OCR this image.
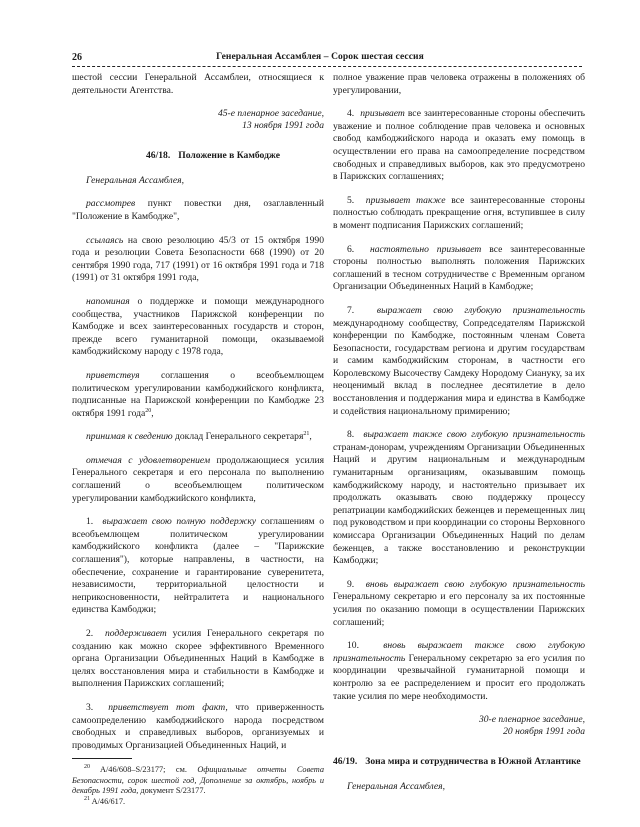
26	Генеральная Ассамблея – Сорок шестая сессия

шестой сессии Генеральной Ассамблеи, относящиеся к деятельности Агентства.

45-е пленарное заседание,
13 ноября 1991 года

46/18. Положение в Камбодже

Генеральная Ассамблея,

рассмотрев пункт повестки дня, озаглавленный "Положение в Камбодже",

ссылаясь на свою резолюцию 45/3 от 15 октября 1990 года и резолюции Совета Безопасности 668 (1990) от 20 сентября 1990 года, 717 (1991) от 16 октября 1991 года и 718 (1991) от 31 октября 1991 года,

напоминая о поддержке и помощи международного сообщества, участников Парижской конференции по Камбодже и всех заинтересованных государств и сторон, прежде всего гуманитарной помощи, оказываемой камбоджийскому народу с 1978 года,

приветствуя соглашения о всеобъемлющем политическом урегулировании камбоджийского конфликта, подписанные на Парижской конференции по Камбодже 23 октября 1991 года$^{20}$,

принимая к сведению доклад Генерального секретаря$^{21}$,

отмечая с удовлетворением продолжающиеся усилия Генерального секретаря и его персонала по выполнению соглашений о всеобъемлющем политическом урегулировании камбоджийского конфликта,

1. выражает свою полную поддержку соглашениям о всеобъемлющем политическом урегулировании камбоджийского конфликта (далее – "Парижские соглашения"), которые направлены, в частности, на обеспечение, сохранение и гарантирование суверенитета, независимости, территориальной целостности и неприкосновенности, нейтралитета и национального единства Камбоджи;

2. поддерживает усилия Генерального секретаря по созданию как можно скорее эффективного Временного органа Организации Объединенных Наций в Камбодже в целях восстановления мира и стабильности в Камбодже и выполнения Парижских соглашений;

3. приветствует тот факт, что приверженность самоопределению камбоджийского народа посредством свободных и справедливых выборов, организуемых и проводимых Организацией Объединенных Наций, и

$^{20}$ A/46/608–S/23177; см. Официальные отчеты Совета Безопасности, сорок шестой год, Дополнение за октябрь, ноябрь и декабрь 1991 года, документ S/23177.

$^{21}$ A/46/617.

полное уважение прав человека отражены в положениях об урегулировании,

4. призывает все заинтересованные стороны обеспечить уважение и полное соблюдение прав человека и основных свобод камбоджийского народа и оказать ему помощь в осуществлении его права на самоопределение посредством свободных и справедливых выборов, как это предусмотрено в Парижских соглашениях;

5. призывает также все заинтересованные стороны полностью соблюдать прекращение огня, вступившее в силу в момент подписания Парижских соглашений;

6. настоятельно призывает все заинтересованные стороны полностью выполнять положения Парижских соглашений в тесном сотрудничестве с Временным органом Организации Объединенных Наций в Камбодже;

7. выражает свою глубокую признательность международному сообществу, Сопредседателям Парижской конференции по Камбодже, постоянным членам Совета Безопасности, государствам региона и другим государствам и самим камбоджийским сторонам, в частности его Королевскому Высочеству Самдеку Нородому Сиануку, за их неоценимый вклад в последнее десятилетие в дело восстановления и поддержания мира и единства в Камбодже и содействия национальному примирению;

8. выражает также свою глубокую признательность странам-донорам, учреждениям Организации Объединенных Наций и другим национальным и международным гуманитарным организациям, оказывавшим помощь камбоджийскому народу, и настоятельно призывает их продолжать оказывать свою поддержку процессу репатриации камбоджийских беженцев и перемещенных лиц под руководством и при координации со стороны Верховного комиссара Организации Объединенных Наций по делам беженцев, а также восстановлению и реконструкции Камбоджи;

9. вновь выражает свою глубокую признательность Генеральному секретарю и его персоналу за их постоянные усилия по оказанию помощи в осуществлении Парижских соглашений;

10.	вновь выражает также свою глубокую признательность Генеральному секретарю за его усилия по координации чрезвычайной гуманитарной помощи и контролю за ее распределением и просит его продолжать такие усилия по мере необходимости.

30-е пленарное заседание,
20 ноября 1991 года

46/19. Зона мира и сотрудничества в Южной Атлантике

Генеральная Ассамблея,
